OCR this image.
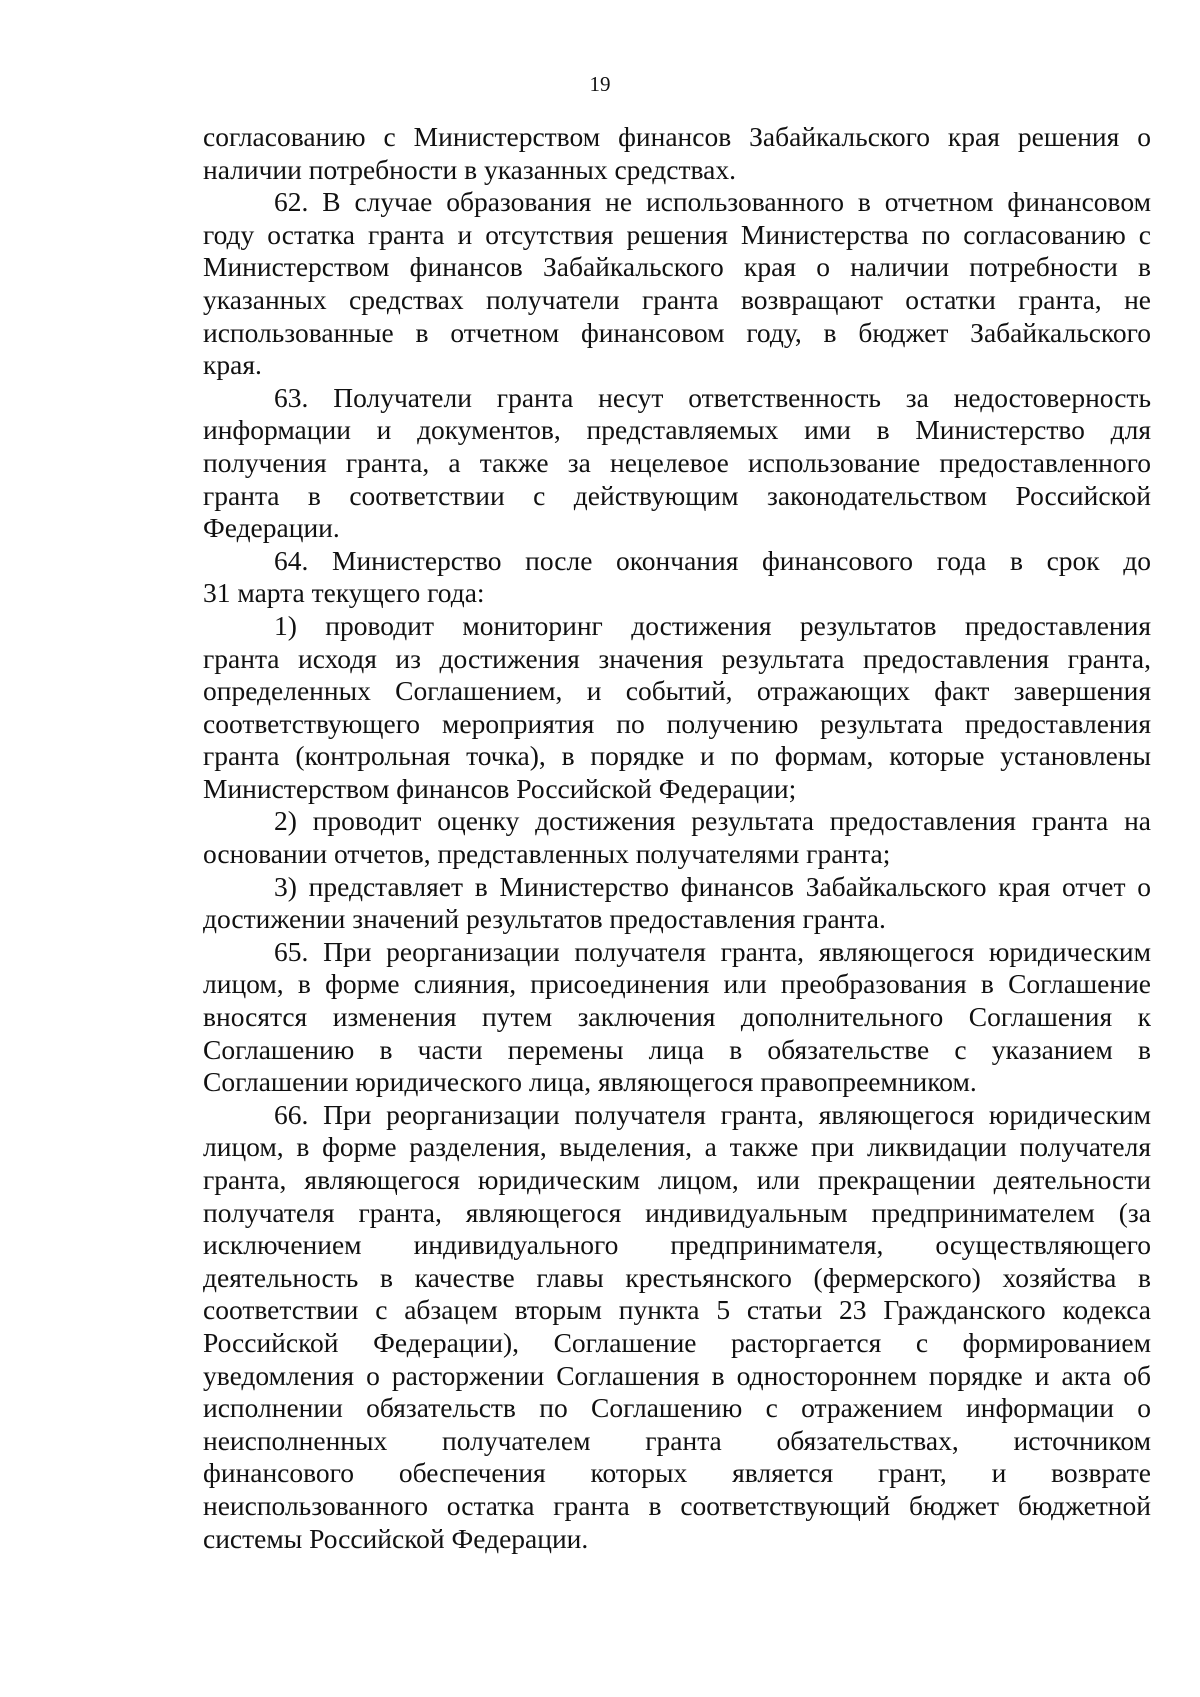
19
согласованию с Министерством финансов Забайкальского края решения о
наличии потребности в указанных средствах.
62. В случае образования не использованного в отчетном финансовом
году остатка гранта и отсутствия решения Министерства по согласованию с
Министерством финансов Забайкальского края о наличии потребности в
указанных средствах получатели гранта возвращают остатки гранта, не
использованные в отчетном финансовом году, в бюджет Забайкальского
края.
63. Получатели гранта несут ответственность за недостоверность
информации и документов, представляемых ими в Министерство для
получения гранта, а также за нецелевое использование предоставленного
гранта в соответствии с действующим законодательством Российской
Федерации.
64. Министерство после окончания финансового года в срок до
31 марта текущего года:
1) проводит мониторинг достижения результатов предоставления
гранта исходя из достижения значения результата предоставления гранта,
определенных Соглашением, и событий, отражающих факт завершения
соответствующего мероприятия по получению результата предоставления
гранта (контрольная точка), в порядке и по формам, которые установлены
Министерством финансов Российской Федерации;
2) проводит оценку достижения результата предоставления гранта на
основании отчетов, представленных получателями гранта;
3) представляет в Министерство финансов Забайкальского края отчет о
достижении значений результатов предоставления гранта.
65. При реорганизации получателя гранта, являющегося юридическим
лицом, в форме слияния, присоединения или преобразования в Соглашение
вносятся изменения путем заключения дополнительного Соглашения к
Соглашению в части перемены лица в обязательстве с указанием в
Соглашении юридического лица, являющегося правопреемником.
66. При реорганизации получателя гранта, являющегося юридическим
лицом, в форме разделения, выделения, а также при ликвидации получателя
гранта, являющегося юридическим лицом, или прекращении деятельности
получателя гранта, являющегося индивидуальным предпринимателем (за
исключением индивидуального предпринимателя, осуществляющего
деятельность в качестве главы крестьянского (фермерского) хозяйства в
соответствии с абзацем вторым пункта 5 статьи 23 Гражданского кодекса
Российской Федерации), Соглашение расторгается с формированием
уведомления о расторжении Соглашения в одностороннем порядке и акта об
исполнении обязательств по Соглашению с отражением информации о
неисполненных получателем гранта обязательствах, источником
финансового обеспечения которых является грант, и возврате
неиспользованного остатка гранта в соответствующий бюджет бюджетной
системы Российской Федерации.
